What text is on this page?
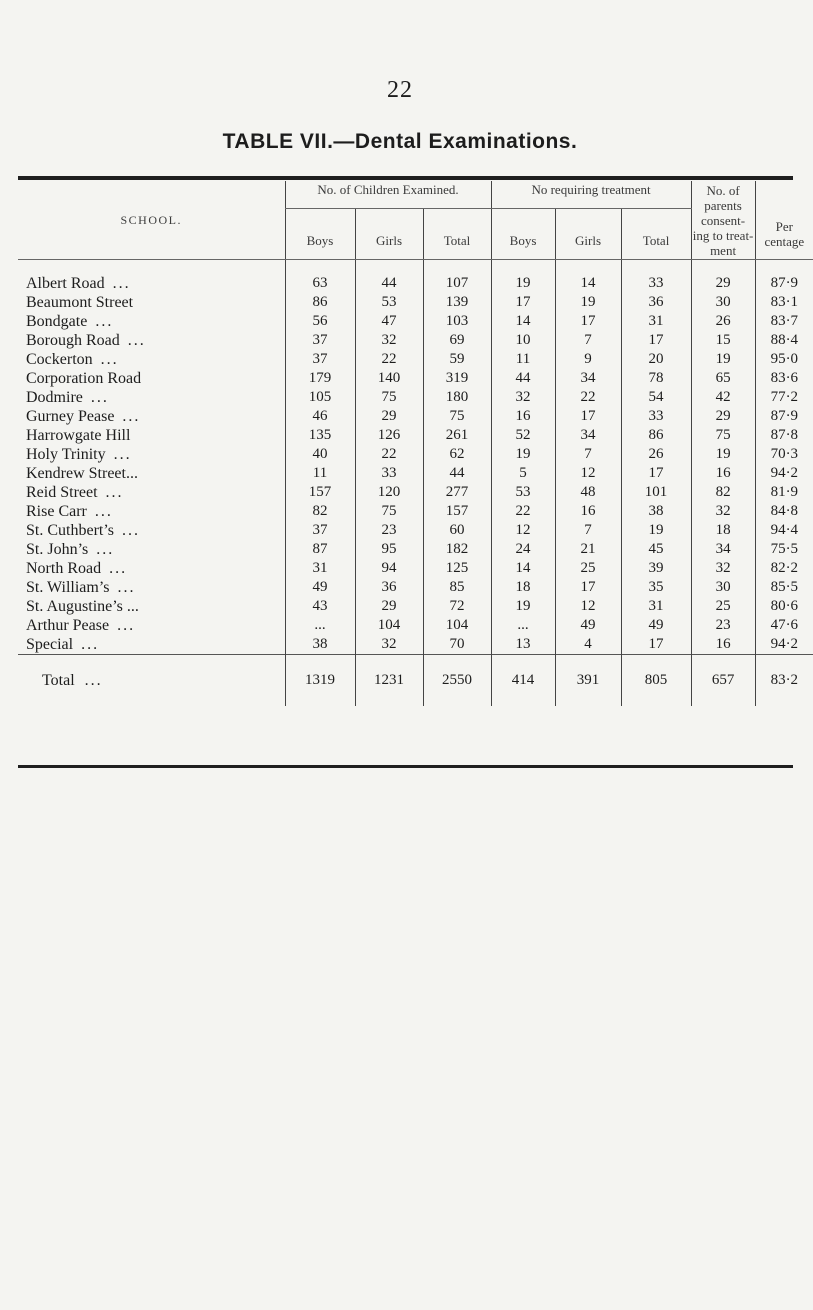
22
TABLE VII.—Dental Examinations.
SCHOOL.	No. of Children Examined.			No requiring treatment			No. of parents consent- ing to treat- ment	Per centage
	Boys	Girls	Total	Boys	Girls	Total		
Albert Road ...	63	44	107	19	14	33	29	87·9
Beaumont Street	86	53	139	17	19	36	30	83·1
Bondgate ...	56	47	103	14	17	31	26	83·7
Borough Road ...	37	32	69	10	7	17	15	88·4
Cockerton ...	37	22	59	11	9	20	19	95·0
Corporation Road	179	140	319	44	34	78	65	83·6
Dodmire ...	105	75	180	32	22	54	42	77·2
Gurney Pease ...	46	29	75	16	17	33	29	87·9
Harrowgate Hill	135	126	261	52	34	86	75	87·8
Holy Trinity ...	40	22	62	19	7	26	19	70·3
Kendrew Street...	11	33	44	5	12	17	16	94·2
Reid Street ...	157	120	277	53	48	101	82	81·9
Rise Carr ...	82	75	157	22	16	38	32	84·8
St. Cuthbert’s ...	37	23	60	12	7	19	18	94·4
St. John’s ...	87	95	182	24	21	45	34	75·5
North Road ...	31	94	125	14	25	39	32	82·2
St. William’s ...	49	36	85	18	17	35	30	85·5
St. Augustine’s ...	43	29	72	19	12	31	25	80·6
Arthur Pease ...	...	104	104	...	49	49	23	47·6
Special ...	38	32	70	13	4	17	16	94·2
Total ...	1319	1231	2550	414	391	805	657	83·2
